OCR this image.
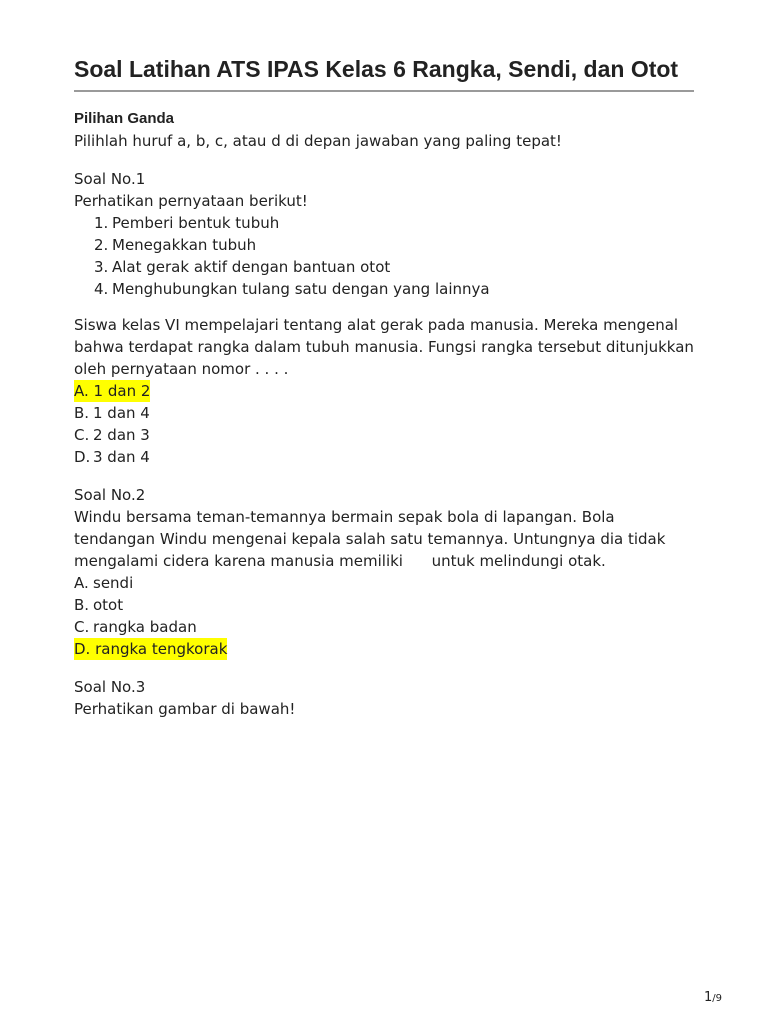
Soal Latihan ATS IPAS Kelas 6 Rangka, Sendi, dan Otot

Pilihan Ganda

Pilihlah huruf a, b, c, atau d di depan jawaban yang paling tepat!

Soal No.1

Perhatikan pernyataan berikut!

1. Pemberi bentuk tubuh
2. Menegakkan tubuh
3. Alat gerak aktif dengan bantuan otot
4. Menghubungkan tulang satu dengan yang lainnya

Siswa kelas VI mempelajari tentang alat gerak pada manusia. Mereka mengenal bahwa terdapat rangka dalam tubuh manusia. Fungsi rangka tersebut ditunjukkan oleh pernyataan nomor . . . .

A. 1 dan 2
B. 1 dan 4
C. 2 dan 3
D. 3 dan 4

Soal No.2

Windu bersama teman-temannya bermain sepak bola di lapangan. Bola tendangan Windu mengenai kepala salah satu temannya. Untungnya dia tidak mengalami cidera karena manusia memiliki      untuk melindungi otak.

A. sendi
B. otot
C. rangka badan
D. rangka tengkorak

Soal No.3

Perhatikan gambar di bawah!

1/9
